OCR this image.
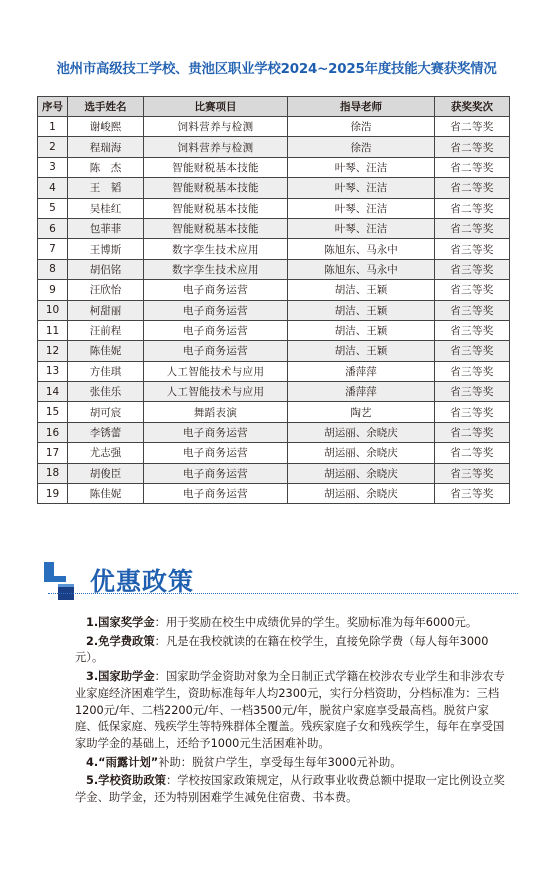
池州市高级技工学校、贵池区职业学校2024~2025年度技能大赛获奖情况
序号	选手姓名	比赛项目	指导老师	获奖奖次
1	谢峻熙	饲料营养与检测	徐浩	省二等奖
2	程瑞海	饲料营养与检测	徐浩	省二等奖
3	陈　杰	智能财税基本技能	叶琴、汪洁	省二等奖
4	王　韬	智能财税基本技能	叶琴、汪洁	省二等奖
5	吴桂红	智能财税基本技能	叶琴、汪洁	省二等奖
6	包菲菲	智能财税基本技能	叶琴、汪洁	省二等奖
7	王博斯	数字孪生技术应用	陈旭东、马永中	省三等奖
8	胡侣铭	数字孪生技术应用	陈旭东、马永中	省三等奖
9	汪欣怡	电子商务运营	胡洁、王颖	省三等奖
10	柯甜丽	电子商务运营	胡洁、王颖	省三等奖
11	汪前程	电子商务运营	胡洁、王颖	省三等奖
12	陈佳妮	电子商务运营	胡洁、王颖	省三等奖
13	方佳琪	人工智能技术与应用	潘萍萍	省三等奖
14	张佳乐	人工智能技术与应用	潘萍萍	省三等奖
15	胡可宸	舞蹈表演	陶艺	省三等奖
16	李锈蕾	电子商务运营	胡运丽、余晓庆	省二等奖
17	尤志强	电子商务运营	胡运丽、余晓庆	省二等奖
18	胡俊臣	电子商务运营	胡运丽、余晓庆	省三等奖
19	陈佳妮	电子商务运营	胡运丽、余晓庆	省三等奖
优惠政策

1.国家奖学金：用于奖励在校生中成绩优异的学生。奖励标准为每年6000元。

2.免学费政策：凡是在我校就读的在籍在校学生，直接免除学费（每人每年3000元）。

3.国家助学金：国家助学金资助对象为全日制正式学籍在校涉农专业学生和非涉农专业家庭经济困难学生，资助标准每年人均2300元，实行分档资助，分档标准为：三档1200元/年、二档2200元/年、一档3500元/年，脱贫户家庭享受最高档。脱贫户家庭、低保家庭、残疾学生等特殊群体全覆盖。残疾家庭子女和残疾学生，每年在享受国家助学金的基础上，还给予1000元生活困难补助。

4.“雨露计划”补助：脱贫户学生，享受每生每年3000元补助。

5.学校资助政策：学校按国家政策规定，从行政事业收费总额中提取一定比例设立奖学金、助学金，还为特别困难学生减免住宿费、书本费。
